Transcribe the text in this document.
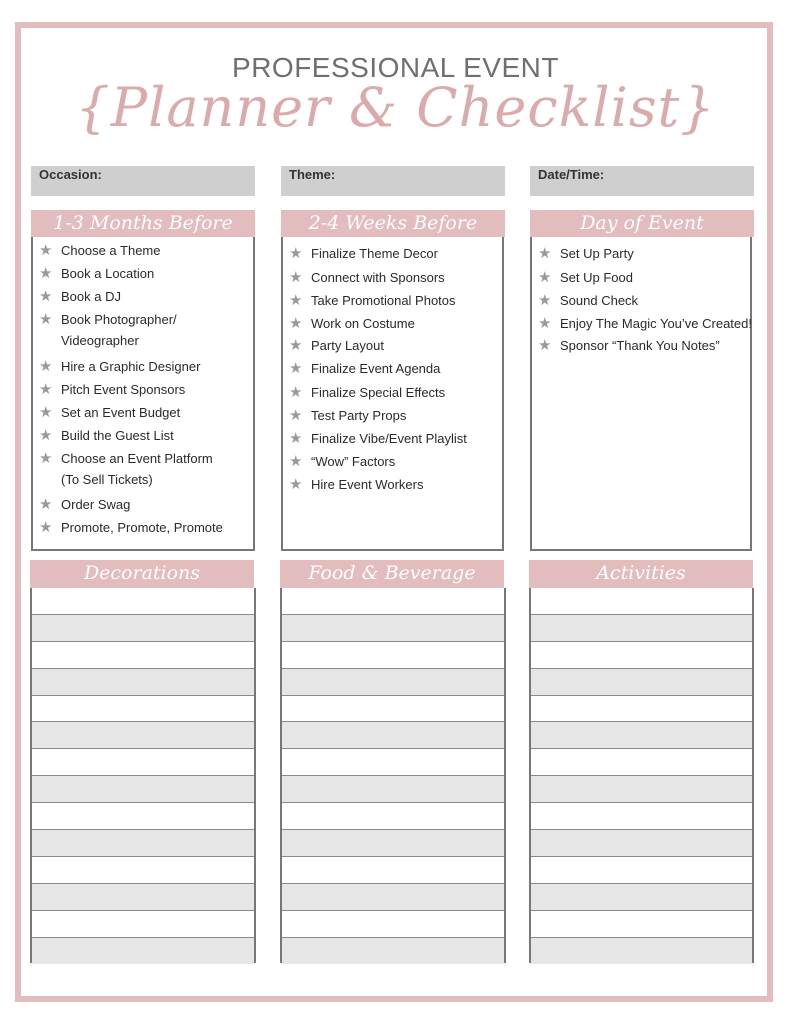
PROFESSIONAL EVENT
{Planner & Checklist}
Occasion:	Theme:	Date/Time:
1-3 Months Before
★ Choose a Theme
★ Book a Location
★ Book a DJ
★ Book Photographer/
Videographer
★ Hire a Graphic Designer
★ Pitch Event Sponsors
★ Set an Event Budget
★ Build the Guest List
★ Choose an Event Platform
(To Sell Tickets)
★ Order Swag
★ Promote, Promote, Promote
2-4 Weeks Before
★ Finalize Theme Decor
★ Connect with Sponsors
★ Take Promotional Photos
★ Work on Costume
★ Party Layout
★ Finalize Event Agenda
★ Finalize Special Effects
★ Test Party Props
★ Finalize Vibe/Event Playlist
★ “Wow” Factors
★ Hire Event Workers
Day of Event
★ Set Up Party
★ Set Up Food
★ Sound Check
★ Enjoy The Magic You’ve Created!
★ Sponsor “Thank You Notes”
Decorations	Food & Beverage	Activities
